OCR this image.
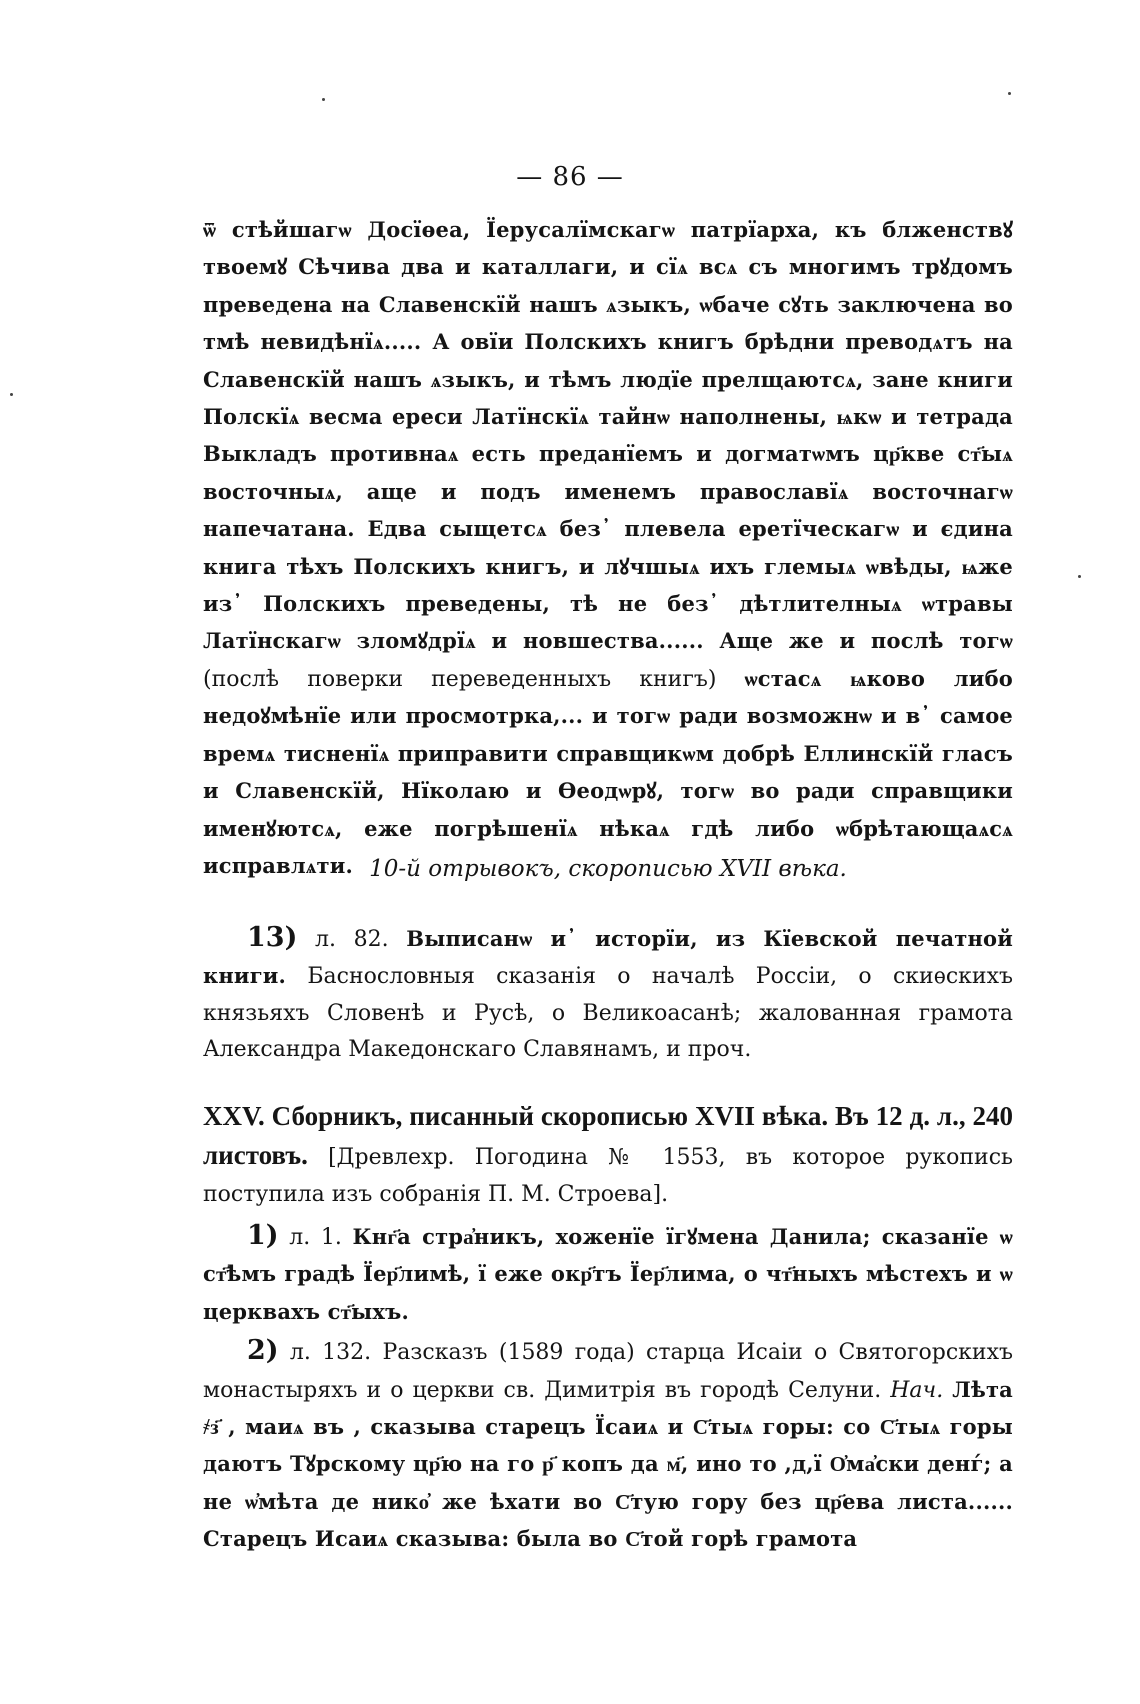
— 86 —

ѿ стѣйшагѡ Досїѳеа, Їерусалїмскагѡ патрїарха, къ блженствꙋ твоемꙋ Сѣчива два и каталлаги, и сїѧ всѧ съ многимъ трꙋдомъ преведена на Славенскїй нашъ ѧзыкъ, ѡбаче сꙋть заключена во тмѣ невидѣнїѧ..... А овїи Полскихъ книгъ брѣдни преводѧтъ на Славенскїй нашъ ѧзыкъ, и тѣмъ людїе прелщаютсѧ, зане книги Полскїѧ весма ереси Латїнскїѧ тайнѡ наполнены, ѩкѡ и тетрада Выкладъ противнаѧ есть преданїемъ и догматѡмъ цр҃кве ст҃ыѧ восточныѧ, аще и подъ именемъ православїѧ восточнагѡ напечатана. Едва сыщетсѧ без᾿ плевела еретїческагѡ и єдина книга тѣхъ Полскихъ книгъ, и лꙋчшыѧ ихъ глемыѧ ѡвѣды, ѩже из᾿ Полскихъ преведены, тѣ не без᾿ дѣтлителныѧ ѡтравы Латїнскагѡ зломꙋдрїѧ и новшества...... Аще же и послѣ тогѡ (послѣ поверки переведенныхъ книгъ) ѡстасѧ ѩково либо недоꙋмѣнїе или просмотрка,... и тогѡ ради возможнѡ и в᾿ самое времѧ тисненїѧ приправити справщикѡм добрѣ Еллинскїй гласъ и Славенскїй, Нїколаю и Ѳеодѡрꙋ, тогѡ во ради справщики именꙋютсѧ, еже погрѣшенїѧ нѣкаѧ гдѣ либо ѡбрѣтающаѧсѧ исправлѧти. 10-й отрывокъ, скорописью XVII вѣка.

13) л. 82. Выписанѡ и᾿ исторїи, из Кїевской печатной книги. Баснословныя сказанія о началѣ Россіи, о скиѳскихъ князьяхъ Словенѣ и Русѣ, о Великоасанѣ; жалованная грамота Александра Македонскаго Славянамъ, и проч.

XXV. Сборникъ, писанный скорописью XVII вѣка. Въ 12 д. л., 240 листовъ. [Древлехр. Погодина № 1553, въ которое рукопись поступила изъ собранія П. М. Строева].

1) л. 1. Кнг҃а стра҆никъ, хоженїе їгꙋмена Данила; сказанїе ѡ ст҃ѣмъ градѣ Їер҃лимѣ, ї еже окр҃тъ Їер҃лима, о чт҃ныхъ мѣстехъ и ѡ церквахъ ст҃ыхъ.

2) л. 132. Разсказъ (1589 года) старца Исаіи о Святогорскихъ монастыряхъ и о церкви св. Димитрія въ городѣ Селуни. Нач. Лѣта ҂з҃ , маиѧ въ , сказыва старецъ Їсаиѧ и С҃тыѧ горы: со С҃тыѧ горы даютъ Тꙋрскому цр҃ю на го р҃ копъ да м҃, ино то ,д,ї О҆ма҆ски денѓ; а не ѡ҆мѣта де нико҆ же ѣхати во С҃тую гору без цр҃ева листа...... Старецъ Исаиѧ сказыва: была во С҃той горѣ грамота
